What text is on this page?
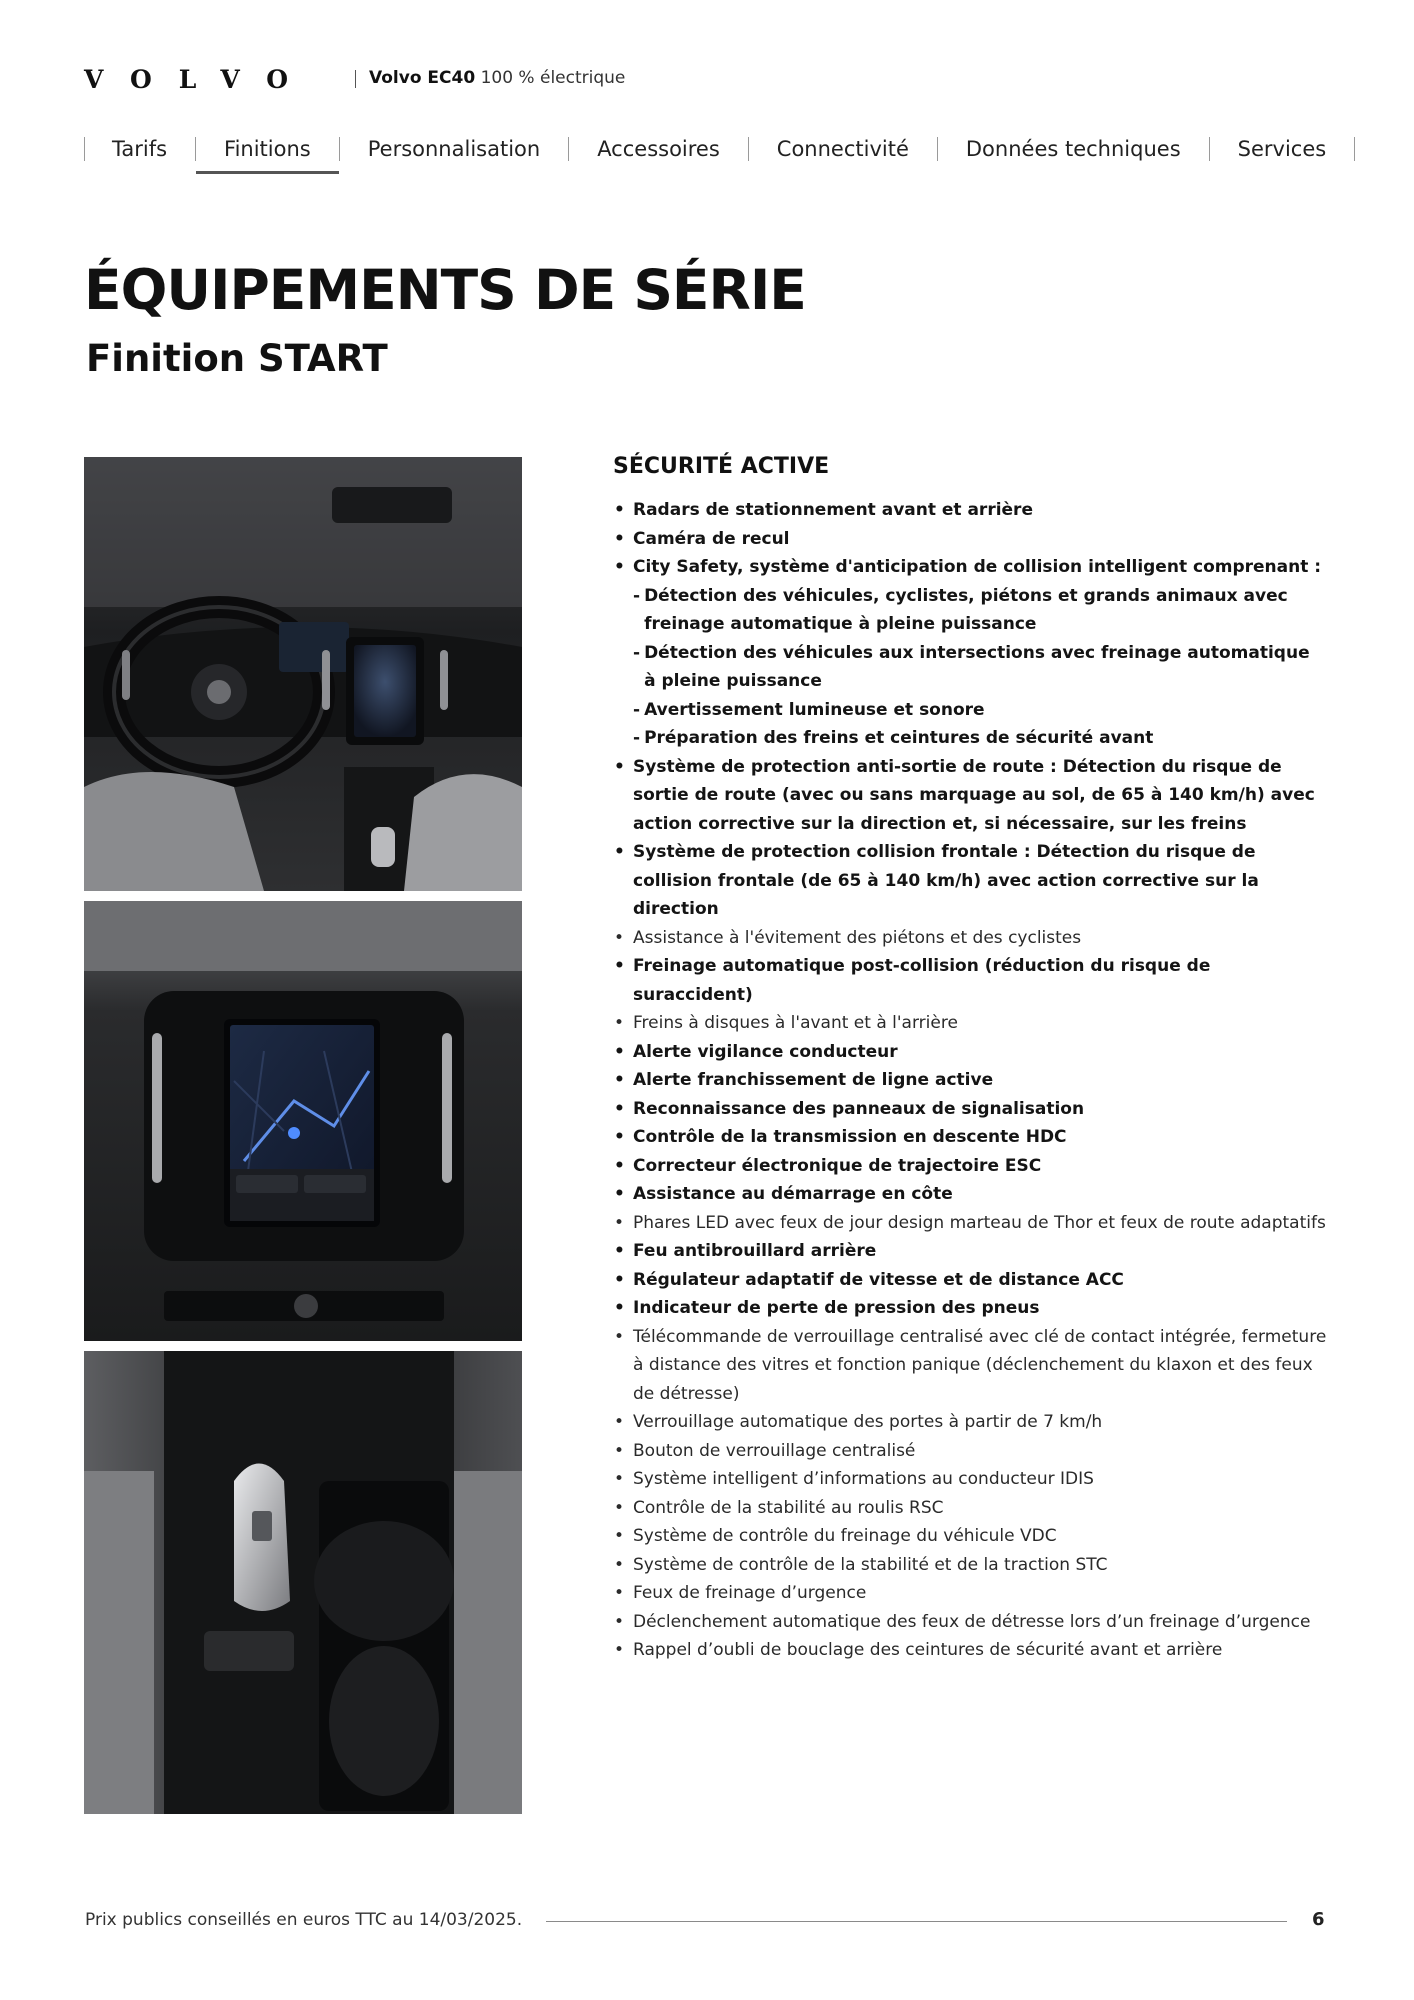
VOLVO	Volvo EC40 100 % électrique
Tarifs	Finitions	Personnalisation	Accessoires	Connectivité	Données techniques	Services
ÉQUIPEMENTS DE SÉRIE
Finition START
SÉCURITÉ ACTIVE
• Radars de stationnement avant et arrière
• Caméra de recul
• City Safety, système d'anticipation de collision intelligent comprenant :
- Détection des véhicules, cyclistes, piétons et grands animaux avec freinage automatique à pleine puissance
- Détection des véhicules aux intersections avec freinage automatique à pleine puissance
- Avertissement lumineuse et sonore
- Préparation des freins et ceintures de sécurité avant
• Système de protection anti-sortie de route : Détection du risque de sortie de route (avec ou sans marquage au sol, de 65 à 140 km/h) avec action corrective sur la direction et, si nécessaire, sur les freins
• Système de protection collision frontale : Détection du risque de collision frontale (de 65 à 140 km/h) avec action corrective sur la direction
• Assistance à l'évitement des piétons et des cyclistes
• Freinage automatique post-collision (réduction du risque de suraccident)
• Freins à disques à l'avant et à l'arrière
• Alerte vigilance conducteur
• Alerte franchissement de ligne active
• Reconnaissance des panneaux de signalisation
• Contrôle de la transmission en descente HDC
• Correcteur électronique de trajectoire ESC
• Assistance au démarrage en côte
• Phares LED avec feux de jour design marteau de Thor et feux de route adaptatifs
• Feu antibrouillard arrière
• Régulateur adaptatif de vitesse et de distance ACC
• Indicateur de perte de pression des pneus
• Télécommande de verrouillage centralisé avec clé de contact intégrée, fermeture à distance des vitres et fonction panique (déclenchement du klaxon et des feux de détresse)
• Verrouillage automatique des portes à partir de 7 km/h
• Bouton de verrouillage centralisé
• Système intelligent d’informations au conducteur IDIS
• Contrôle de la stabilité au roulis RSC
• Système de contrôle du freinage du véhicule VDC
• Système de contrôle de la stabilité et de la traction STC
• Feux de freinage d’urgence
• Déclenchement automatique des feux de détresse lors d’un freinage d’urgence
• Rappel d’oubli de bouclage des ceintures de sécurité avant et arrière
Prix publics conseillés en euros TTC au 14/03/2025.	6
